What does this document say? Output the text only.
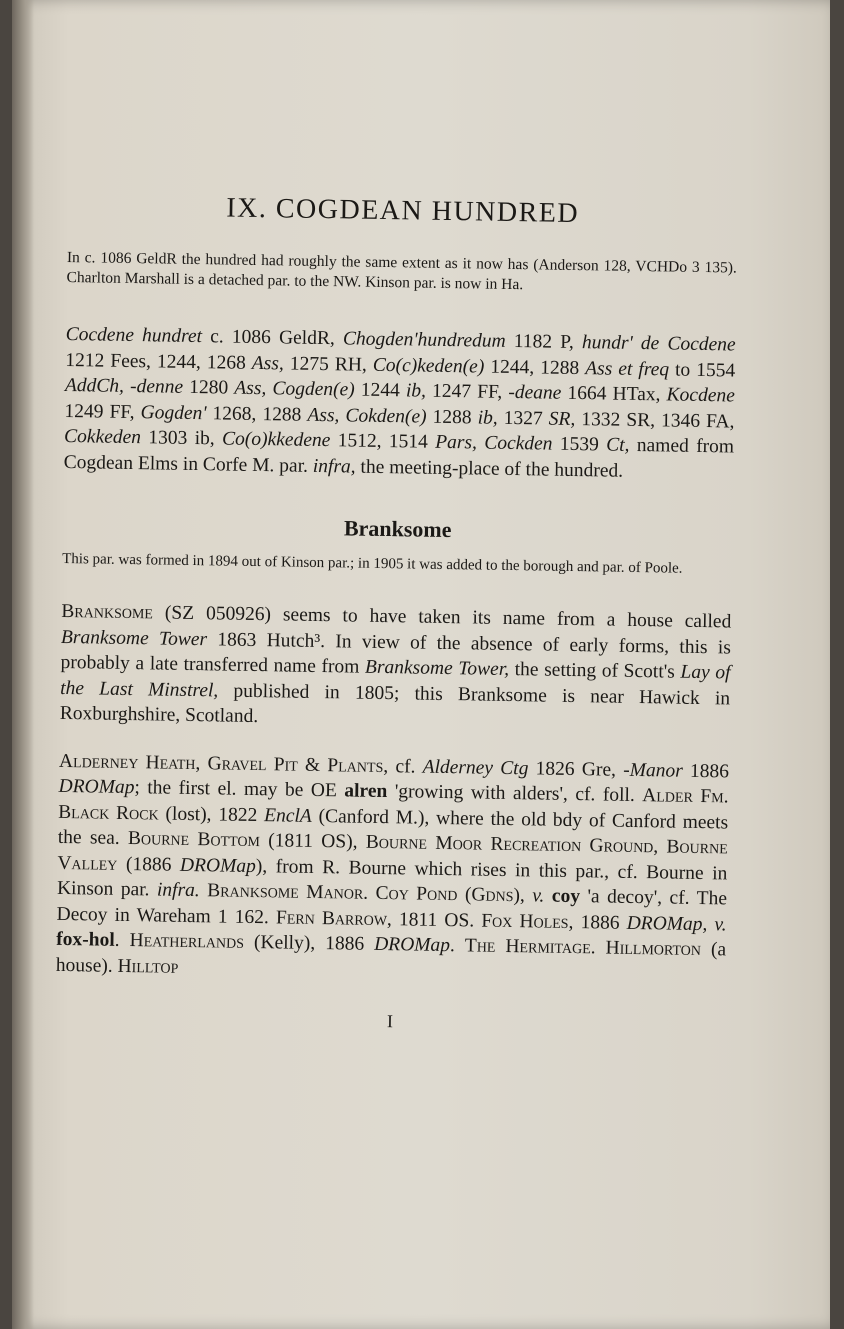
IX. COGDEAN HUNDRED

In c. 1086 GeldR the hundred had roughly the same extent as it now has (Anderson 128, VCHDo 3 135). Charlton Marshall is a detached par. to the NW. Kinson par. is now in Ha.

Cocdene hundret c. 1086 GeldR, Chogden'hundredum 1182 P, hundr' de Cocdene 1212 Fees, 1244, 1268 Ass, 1275 RH, Co(c)keden(e) 1244, 1288 Ass et freq to 1554 AddCh, -denne 1280 Ass, Cogden(e) 1244 ib, 1247 FF, -deane 1664 HTax, Kocdene 1249 FF, Gogden' 1268, 1288 Ass, Cokden(e) 1288 ib, 1327 SR, 1332 SR, 1346 FA, Cokkeden 1303 ib, Co(o)kkedene 1512, 1514 Pars, Cockden 1539 Ct, named from Cogdean Elms in Corfe M. par. infra, the meeting-place of the hundred.

Branksome

This par. was formed in 1894 out of Kinson par.; in 1905 it was added to the borough and par. of Poole.

Branksome (SZ 050926) seems to have taken its name from a house called Branksome Tower 1863 Hutch³. In view of the absence of early forms, this is probably a late transferred name from Branksome Tower, the setting of Scott's Lay of the Last Minstrel, published in 1805; this Branksome is near Hawick in Roxburghshire, Scotland.

Alderney Heath, Gravel Pit & Plants, cf. Alderney Ctg 1826 Gre, -Manor 1886 DROMap; the first el. may be OE alren 'growing with alders', cf. foll. Alder Fm. Black Rock (lost), 1822 EnclA (Canford M.), where the old bdy of Canford meets the sea. Bourne Bottom (1811 OS), Bourne Moor Recreation Ground, Bourne Valley (1886 DROMap), from R. Bourne which rises in this par., cf. Bourne in Kinson par. infra. Branksome Manor. Coy Pond (Gdns), v. coy 'a decoy', cf. The Decoy in Wareham 1 162. Fern Barrow, 1811 OS. Fox Holes, 1886 DROMap, v. fox-hol. Heatherlands (Kelly), 1886 DROMap. The Hermitage. Hillmorton (a house). Hilltop

I
